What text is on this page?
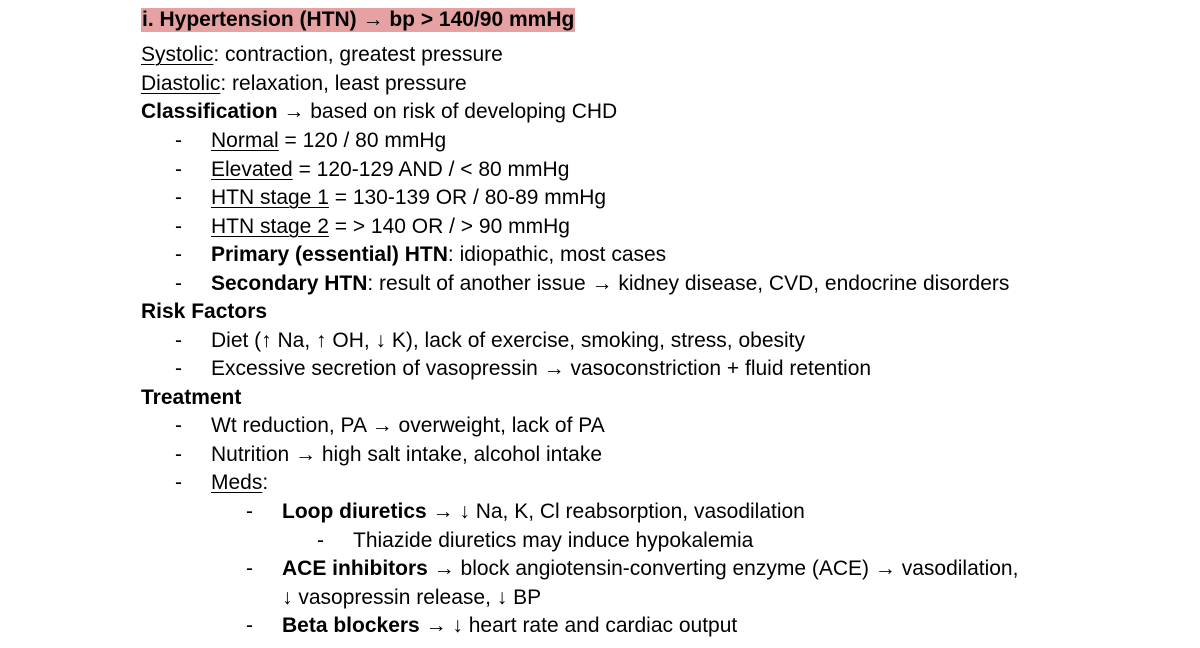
i. Hypertension (HTN) → bp > 140/90 mmHg
Systolic: contraction, greatest pressure
Diastolic: relaxation, least pressure
Classification → based on risk of developing CHD
- Normal = 120 / 80 mmHg
- Elevated = 120-129 AND / < 80 mmHg
- HTN stage 1 = 130-139 OR / 80-89 mmHg
- HTN stage 2 = > 140 OR / > 90 mmHg
- Primary (essential) HTN: idiopathic, most cases
- Secondary HTN: result of another issue → kidney disease, CVD, endocrine disorders
Risk Factors
- Diet (↑ Na, ↑ OH, ↓ K), lack of exercise, smoking, stress, obesity
- Excessive secretion of vasopressin → vasoconstriction + fluid retention
Treatment
- Wt reduction, PA → overweight, lack of PA
- Nutrition → high salt intake, alcohol intake
- Meds:
- Loop diuretics → ↓ Na, K, Cl reabsorption, vasodilation
- Thiazide diuretics may induce hypokalemia
- ACE inhibitors → block angiotensin-converting enzyme (ACE) → vasodilation,
↓ vasopressin release, ↓ BP
- Beta blockers → ↓ heart rate and cardiac output
